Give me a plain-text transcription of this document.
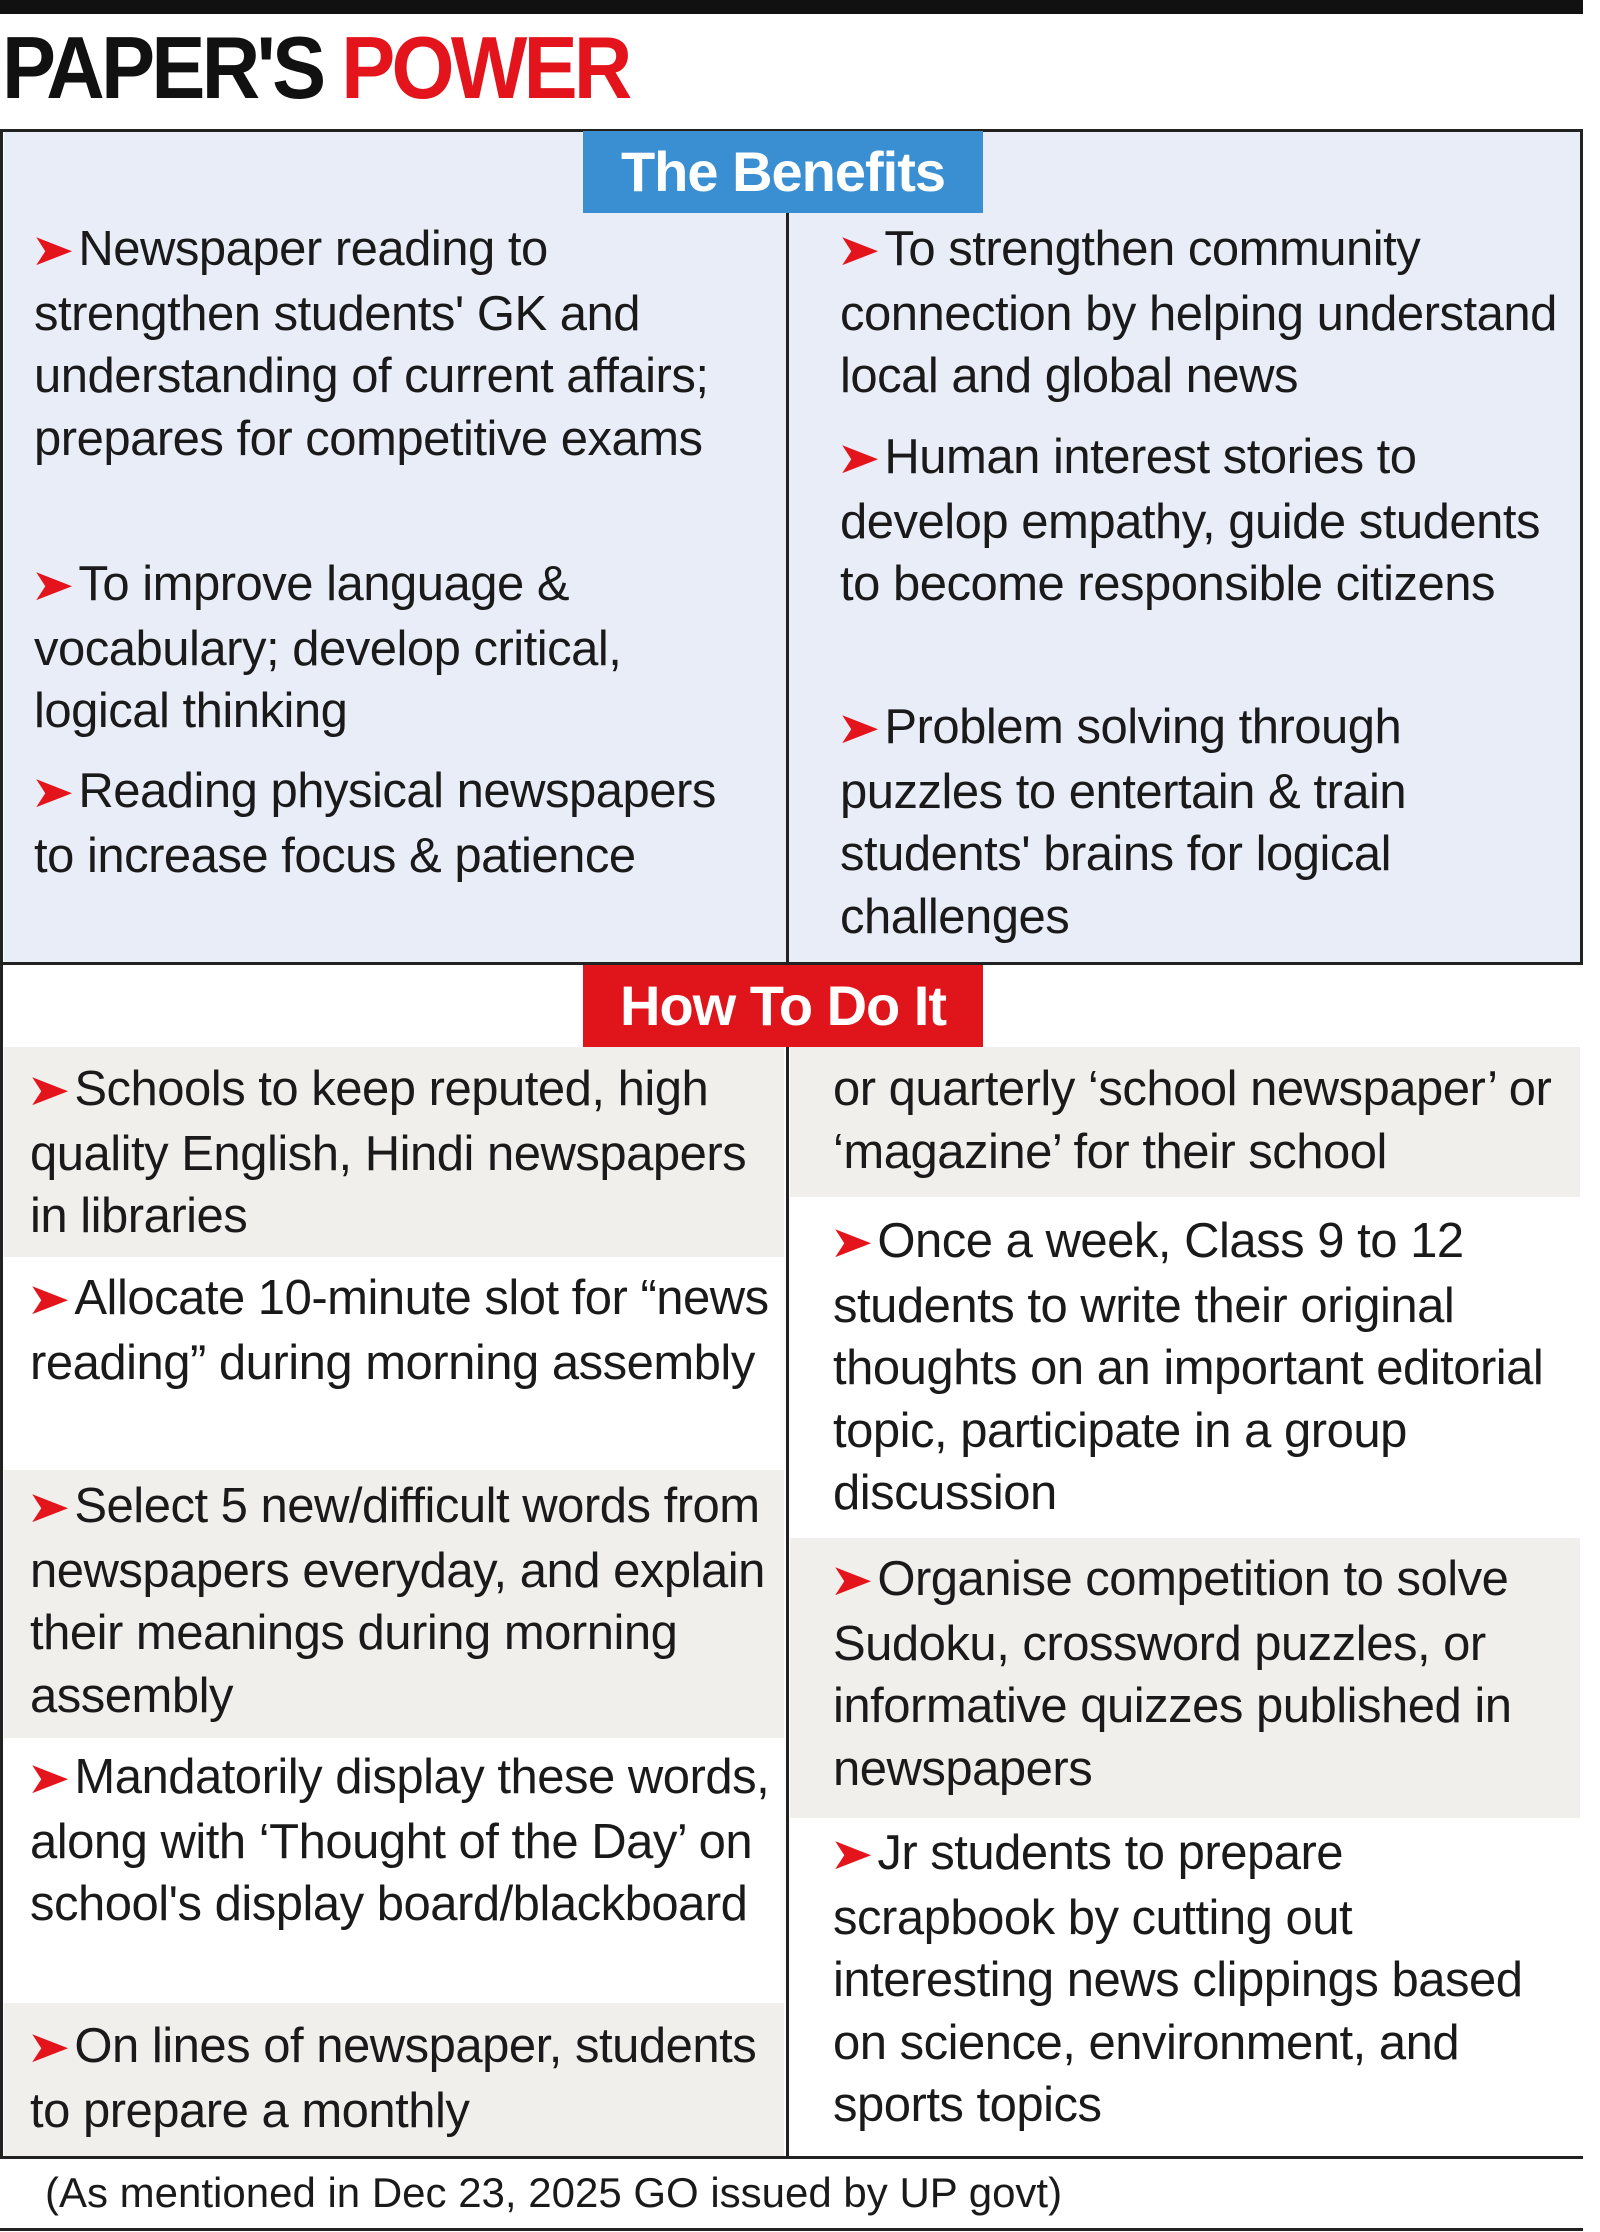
PAPER'S POWER
The Benefits
➤Newspaper reading to strengthen students' GK and understanding of current affairs; prepares for competitive exams
➤To improve language & vocabulary; develop critical, logical thinking
➤Reading physical newspapers to increase focus & patience
➤To strengthen community connection by helping understand local and global news
➤Human interest stories to develop empathy, guide students to become responsible citizens
➤Problem solving through puzzles to entertain & train students' brains for logical challenges
How To Do It
➤Schools to keep reputed, high quality English, Hindi newspapers in libraries
➤Allocate 10-minute slot for “news reading” during morning assembly
➤Select 5 new/difficult words from newspapers everyday, and explain their meanings during morning assembly
➤Mandatorily display these words, along with ‘Thought of the Day’ on school's display board/blackboard
➤On lines of newspaper, students to prepare a monthly
or quarterly ‘school newspaper’ or ‘magazine’ for their school
➤Once a week, Class 9 to 12 students to write their original thoughts on an important editorial topic, participate in a group discussion
➤Organise competition to solve Sudoku, crossword puzzles, or informative quizzes published in newspapers
➤Jr students to prepare scrapbook by cutting out interesting news clippings based on science, environment, and sports topics
(As mentioned in Dec 23, 2025 GO issued by UP govt)
